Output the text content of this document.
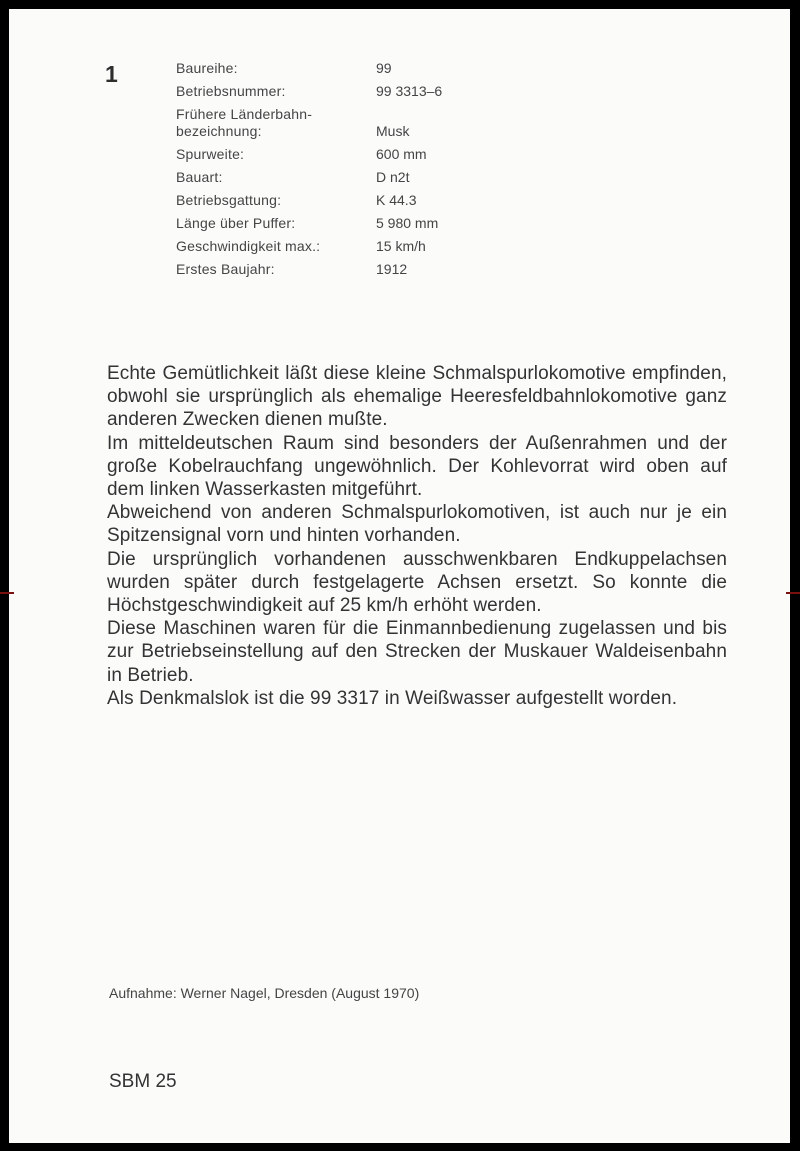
1	Baureihe:	99
Betriebsnummer:	99 3313–6
Frühere Länderbahn-
bezeichnung:	Musk
Spurweite:	600 mm
Bauart:	D n2t
Betriebsgattung:	K 44.3
Länge über Puffer:	5 980 mm
Geschwindigkeit max.:	15 km/h
Erstes Baujahr:	1912

Echte Gemütlichkeit läßt diese kleine Schmalspurlokomotive empfinden, obwohl sie ursprünglich als ehemalige Heeresfeldbahnlokomotive ganz anderen Zwecken dienen mußte.

Im mitteldeutschen Raum sind besonders der Außenrahmen und der große Kobelrauchfang ungewöhnlich. Der Kohlevorrat wird oben auf dem linken Wasserkasten mitgeführt.

Abweichend von anderen Schmalspurlokomotiven, ist auch nur je ein Spitzensignal vorn und hinten vorhanden.

Die ursprünglich vorhandenen ausschwenkbaren Endkuppelachsen wurden später durch festgelagerte Achsen ersetzt. So konnte die Höchstgeschwindigkeit auf 25 km/h erhöht werden.

Diese Maschinen waren für die Einmannbedienung zugelassen und bis zur Betriebseinstellung auf den Strecken der Muskauer Waldeisenbahn in Betrieb.

Als Denkmalslok ist die 99 3317 in Weißwasser aufgestellt worden.

Aufnahme: Werner Nagel, Dresden (August 1970)
SBM 25
